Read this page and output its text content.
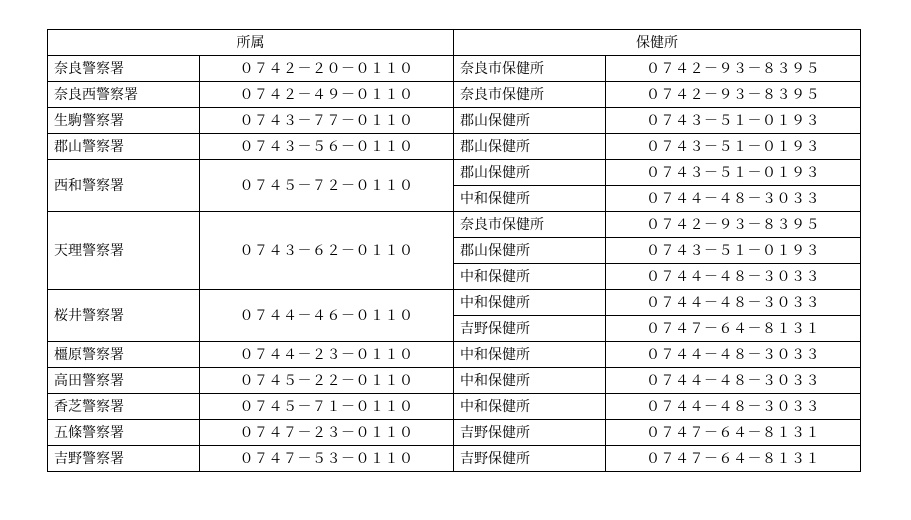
所属		保健所	
奈良警察署	０７４２－２０－０１１０	奈良市保健所	０７４２－９３－８３９５
奈良西警察署	０７４２－４９－０１１０	奈良市保健所	０７４２－９３－８３９５
生駒警察署	０７４３－７７－０１１０	郡山保健所	０７４３－５１－０１９３
郡山警察署	０７４３－５６－０１１０	郡山保健所	０７４３－５１－０１９３
西和警察署	０７４５－７２－０１１０	郡山保健所	０７４３－５１－０１９３
		中和保健所	０７４４－４８－３０３３
天理警察署	０７４３－６２－０１１０	奈良市保健所	０７４２－９３－８３９５
		郡山保健所	０７４３－５１－０１９３
		中和保健所	０７４４－４８－３０３３
桜井警察署	０７４４－４６－０１１０	中和保健所	０７４４－４８－３０３３
		吉野保健所	０７４７－６４－８１３１
橿原警察署	０７４４－２３－０１１０	中和保健所	０７４４－４８－３０３３
高田警察署	０７４５－２２－０１１０	中和保健所	０７４４－４８－３０３３
香芝警察署	０７４５－７１－０１１０	中和保健所	０７４４－４８－３０３３
五條警察署	０７４７－２３－０１１０	吉野保健所	０７４７－６４－８１３１
吉野警察署	０７４７－５３－０１１０	吉野保健所	０７４７－６４－８１３１
